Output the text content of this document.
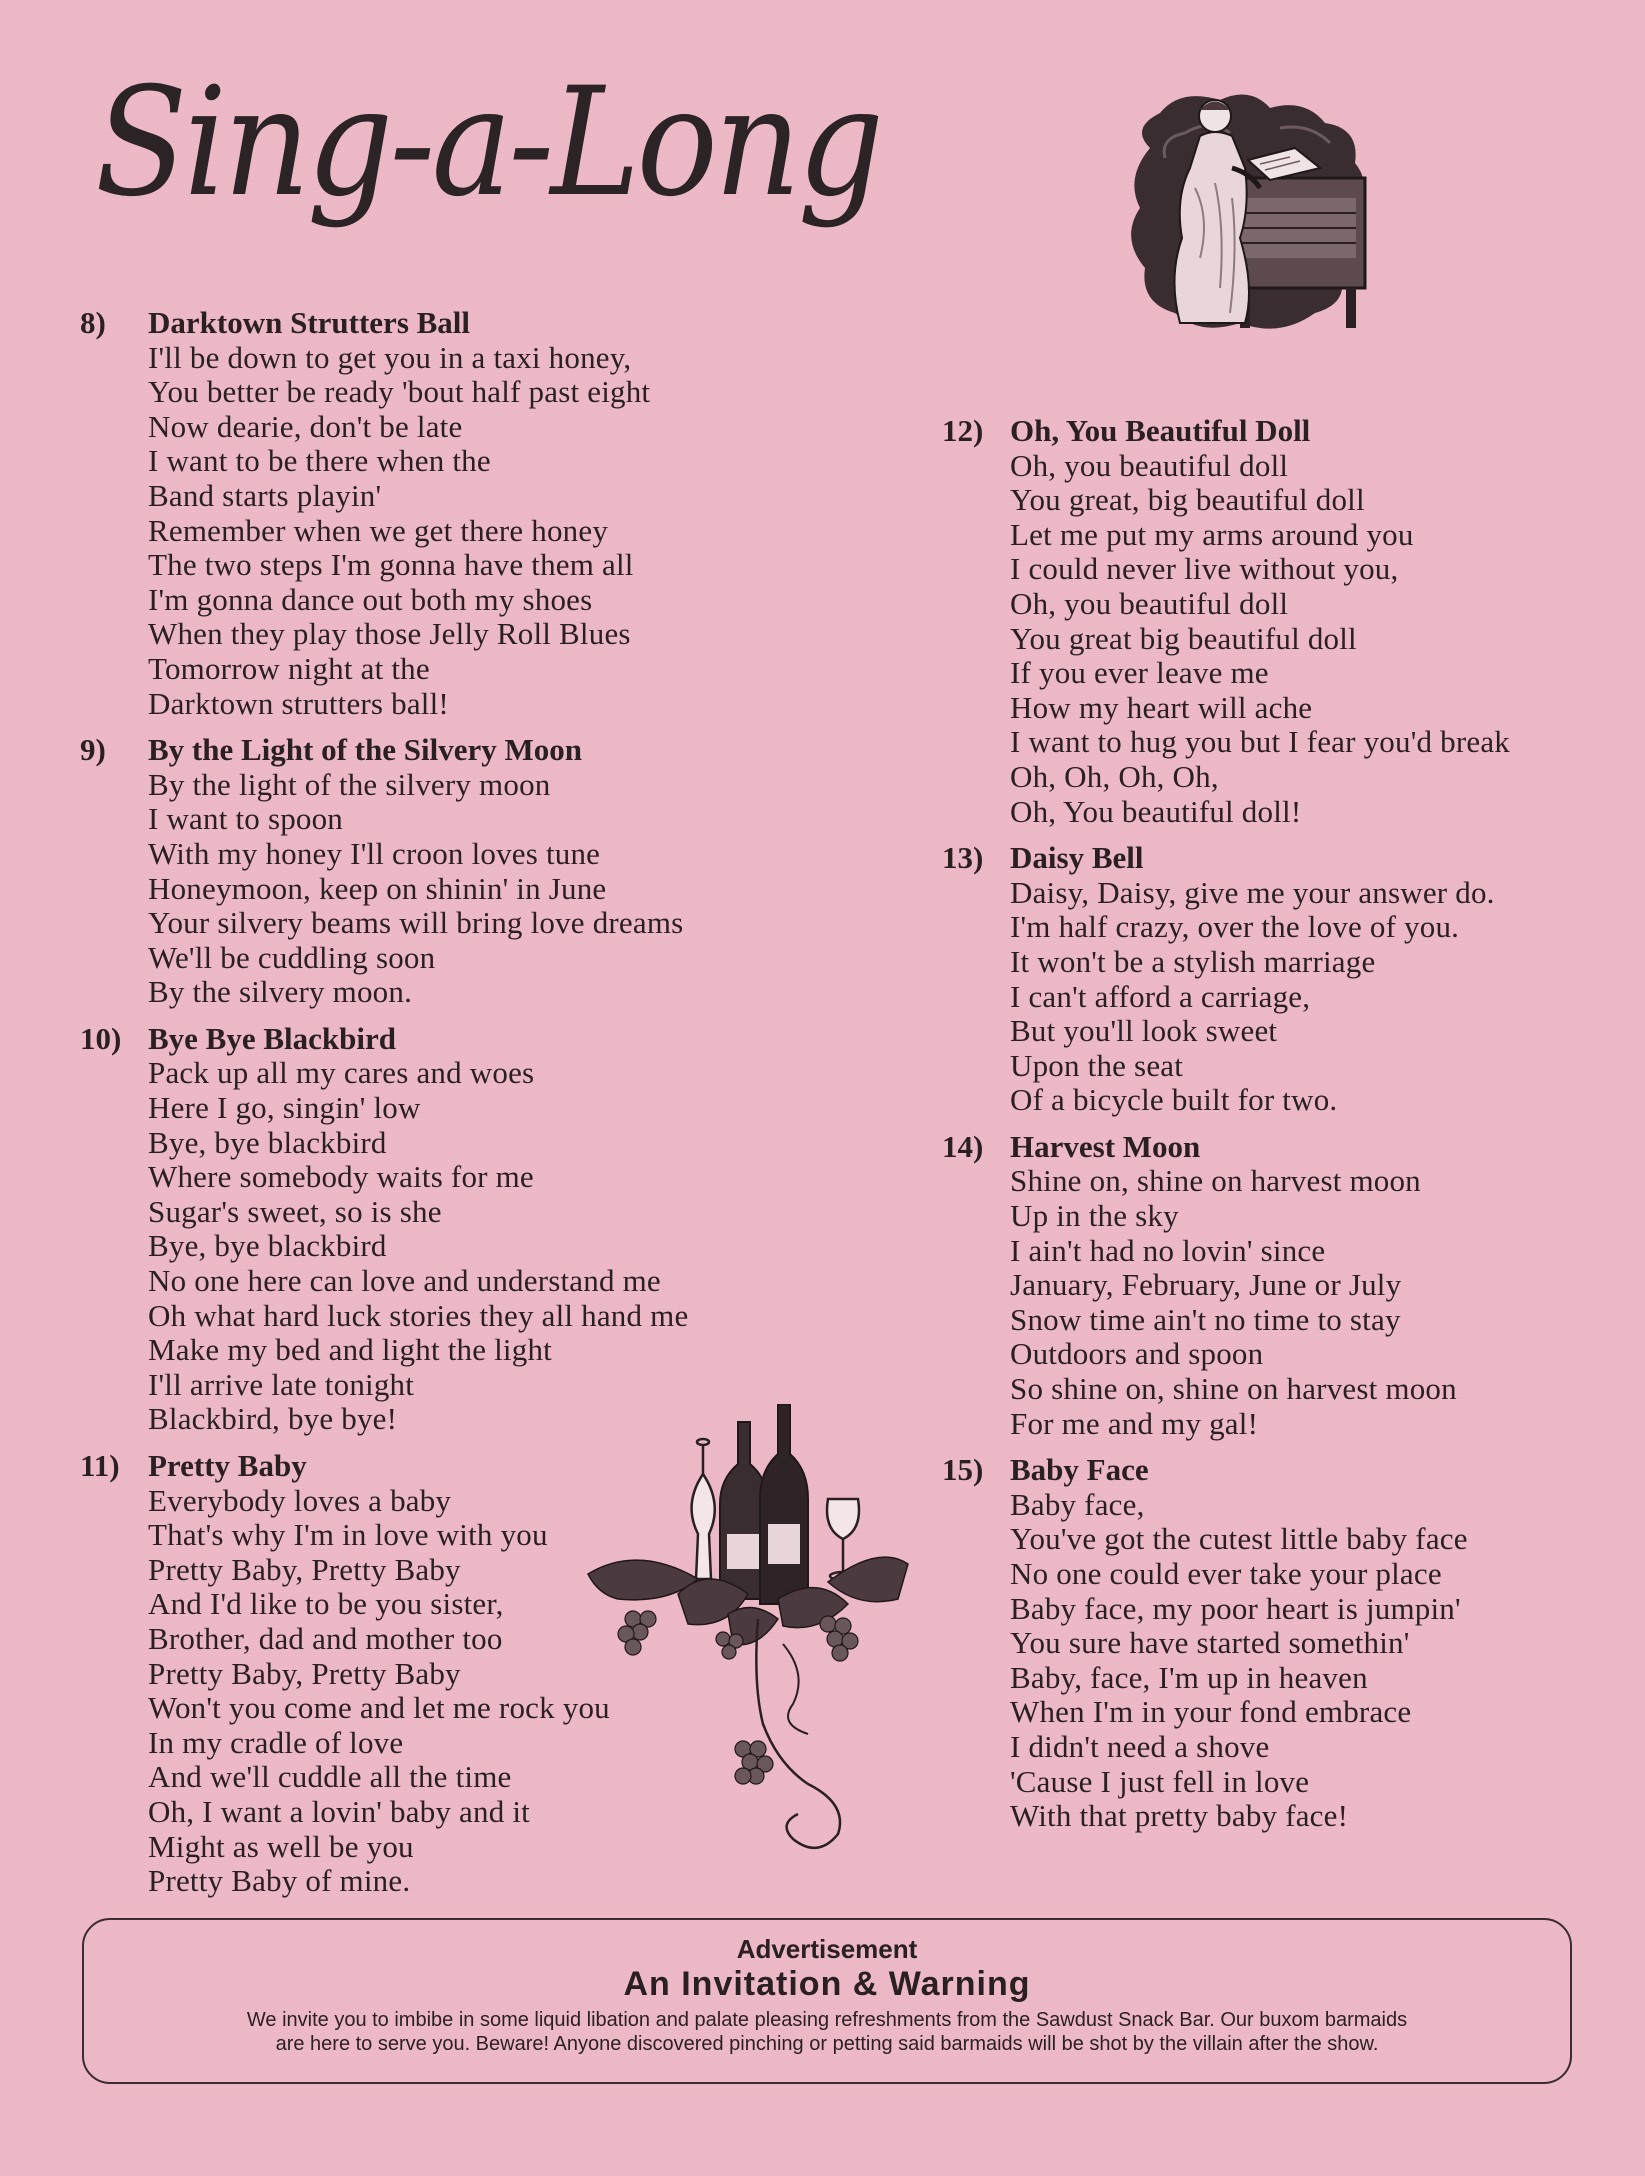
Sing-a-Long
8)	Darktown Strutters Ball
I'll be down to get you in a taxi honey,
You better be ready 'bout half past eight
Now dearie, don't be late
I want to be there when the
Band starts playin'
Remember when we get there honey
The two steps I'm gonna have them all
I'm gonna dance out both my shoes
When they play those Jelly Roll Blues
Tomorrow night at the
Darktown strutters ball!
9)	By the Light of the Silvery Moon
By the light of the silvery moon
I want to spoon
With my honey I'll croon loves tune
Honeymoon, keep on shinin' in June
Your silvery beams will bring love dreams
We'll be cuddling soon
By the silvery moon.
10) Bye Bye Blackbird
Pack up all my cares and woes
Here I go, singin' low
Bye, bye blackbird
Where somebody waits for me
Sugar's sweet, so is she
Bye, bye blackbird
No one here can love and understand me
Oh what hard luck stories they all hand me
Make my bed and light the light
I'll arrive late tonight
Blackbird, bye bye!
11) Pretty Baby
Everybody loves a baby
That's why I'm in love with you
Pretty Baby, Pretty Baby
And I'd like to be you sister,
Brother, dad and mother too
Pretty Baby, Pretty Baby
Won't you come and let me rock you
In my cradle of love
And we'll cuddle all the time
Oh, I want a lovin' baby and it
Might as well be you
Pretty Baby of mine.
12) Oh, You Beautiful Doll
Oh, you beautiful doll
You great, big beautiful doll
Let me put my arms around you
I could never live without you,
Oh, you beautiful doll
You great big beautiful doll
If you ever leave me
How my heart will ache
I want to hug you but I fear you'd break
Oh, Oh, Oh, Oh,
Oh, You beautiful doll!
13) Daisy Bell
Daisy, Daisy, give me your answer do.
I'm half crazy, over the love of you.
It won't be a stylish marriage
I can't afford a carriage,
But you'll look sweet
Upon the seat
Of a bicycle built for two.
14) Harvest Moon
Shine on, shine on harvest moon
Up in the sky
I ain't had no lovin' since
January, February, June or July
Snow time ain't no time to stay
Outdoors and spoon
So shine on, shine on harvest moon
For me and my gal!
15) Baby Face
Baby face,
You've got the cutest little baby face
No one could ever take your place
Baby face, my poor heart is jumpin'
You sure have started somethin'
Baby, face, I'm up in heaven
When I'm in your fond embrace
I didn't need a shove
'Cause I just fell in love
With that pretty baby face!
Advertisement
An Invitation & Warning
We invite you to imbibe in some liquid libation and palate pleasing refreshments from the Sawdust Snack Bar. Our buxom barmaids
are here to serve you. Beware! Anyone discovered pinching or petting said barmaids will be shot by the villain after the show.
